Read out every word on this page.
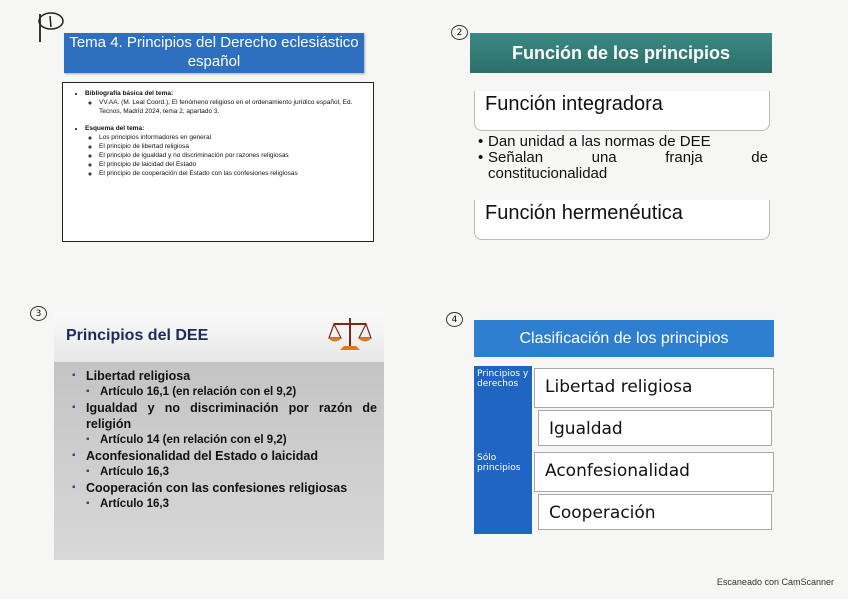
Tema 4. Principios del Derecho eclesiástico español
• Bibliografía básica del tema:
◦ VV.AA. (M. Leal Coord.), El fenómeno religioso en el ordenamiento jurídico español, Ed. Tecnos, Madrid 2024, tema 2, apartado 3.
• Esquema del tema:
◦ Los principios informadores en general
◦ El principio de libertad religiosa
◦ El principio de igualdad y no discriminación por razones religiosas
◦ El principio de laicidad del Estado
◦ El principio de cooperación del Estado con las confesiones religiosas
2
Función de los principios
Función integradora
• Dan unidad a las normas de DEE
• Señalan una franja de
constitucionalidad
Función hermenéutica
3
Principios del DEE
▪ Libertad religiosa
▪ Artículo 16,1 (en relación con el 9,2)
▪ Igualdad y no discriminación por razón de religión
▪ Artículo 14 (en relación con el 9,2)
▪ Aconfesionalidad del Estado o laicidad
▪ Artículo 16,3
▪ Cooperación con las confesiones religiosas
▪ Artículo 16,3
4
Clasificación de los principios
Principios y derechos
Sólo principios
Libertad religiosa
Igualdad
Aconfesionalidad
Cooperación
Escaneado con CamScanner
